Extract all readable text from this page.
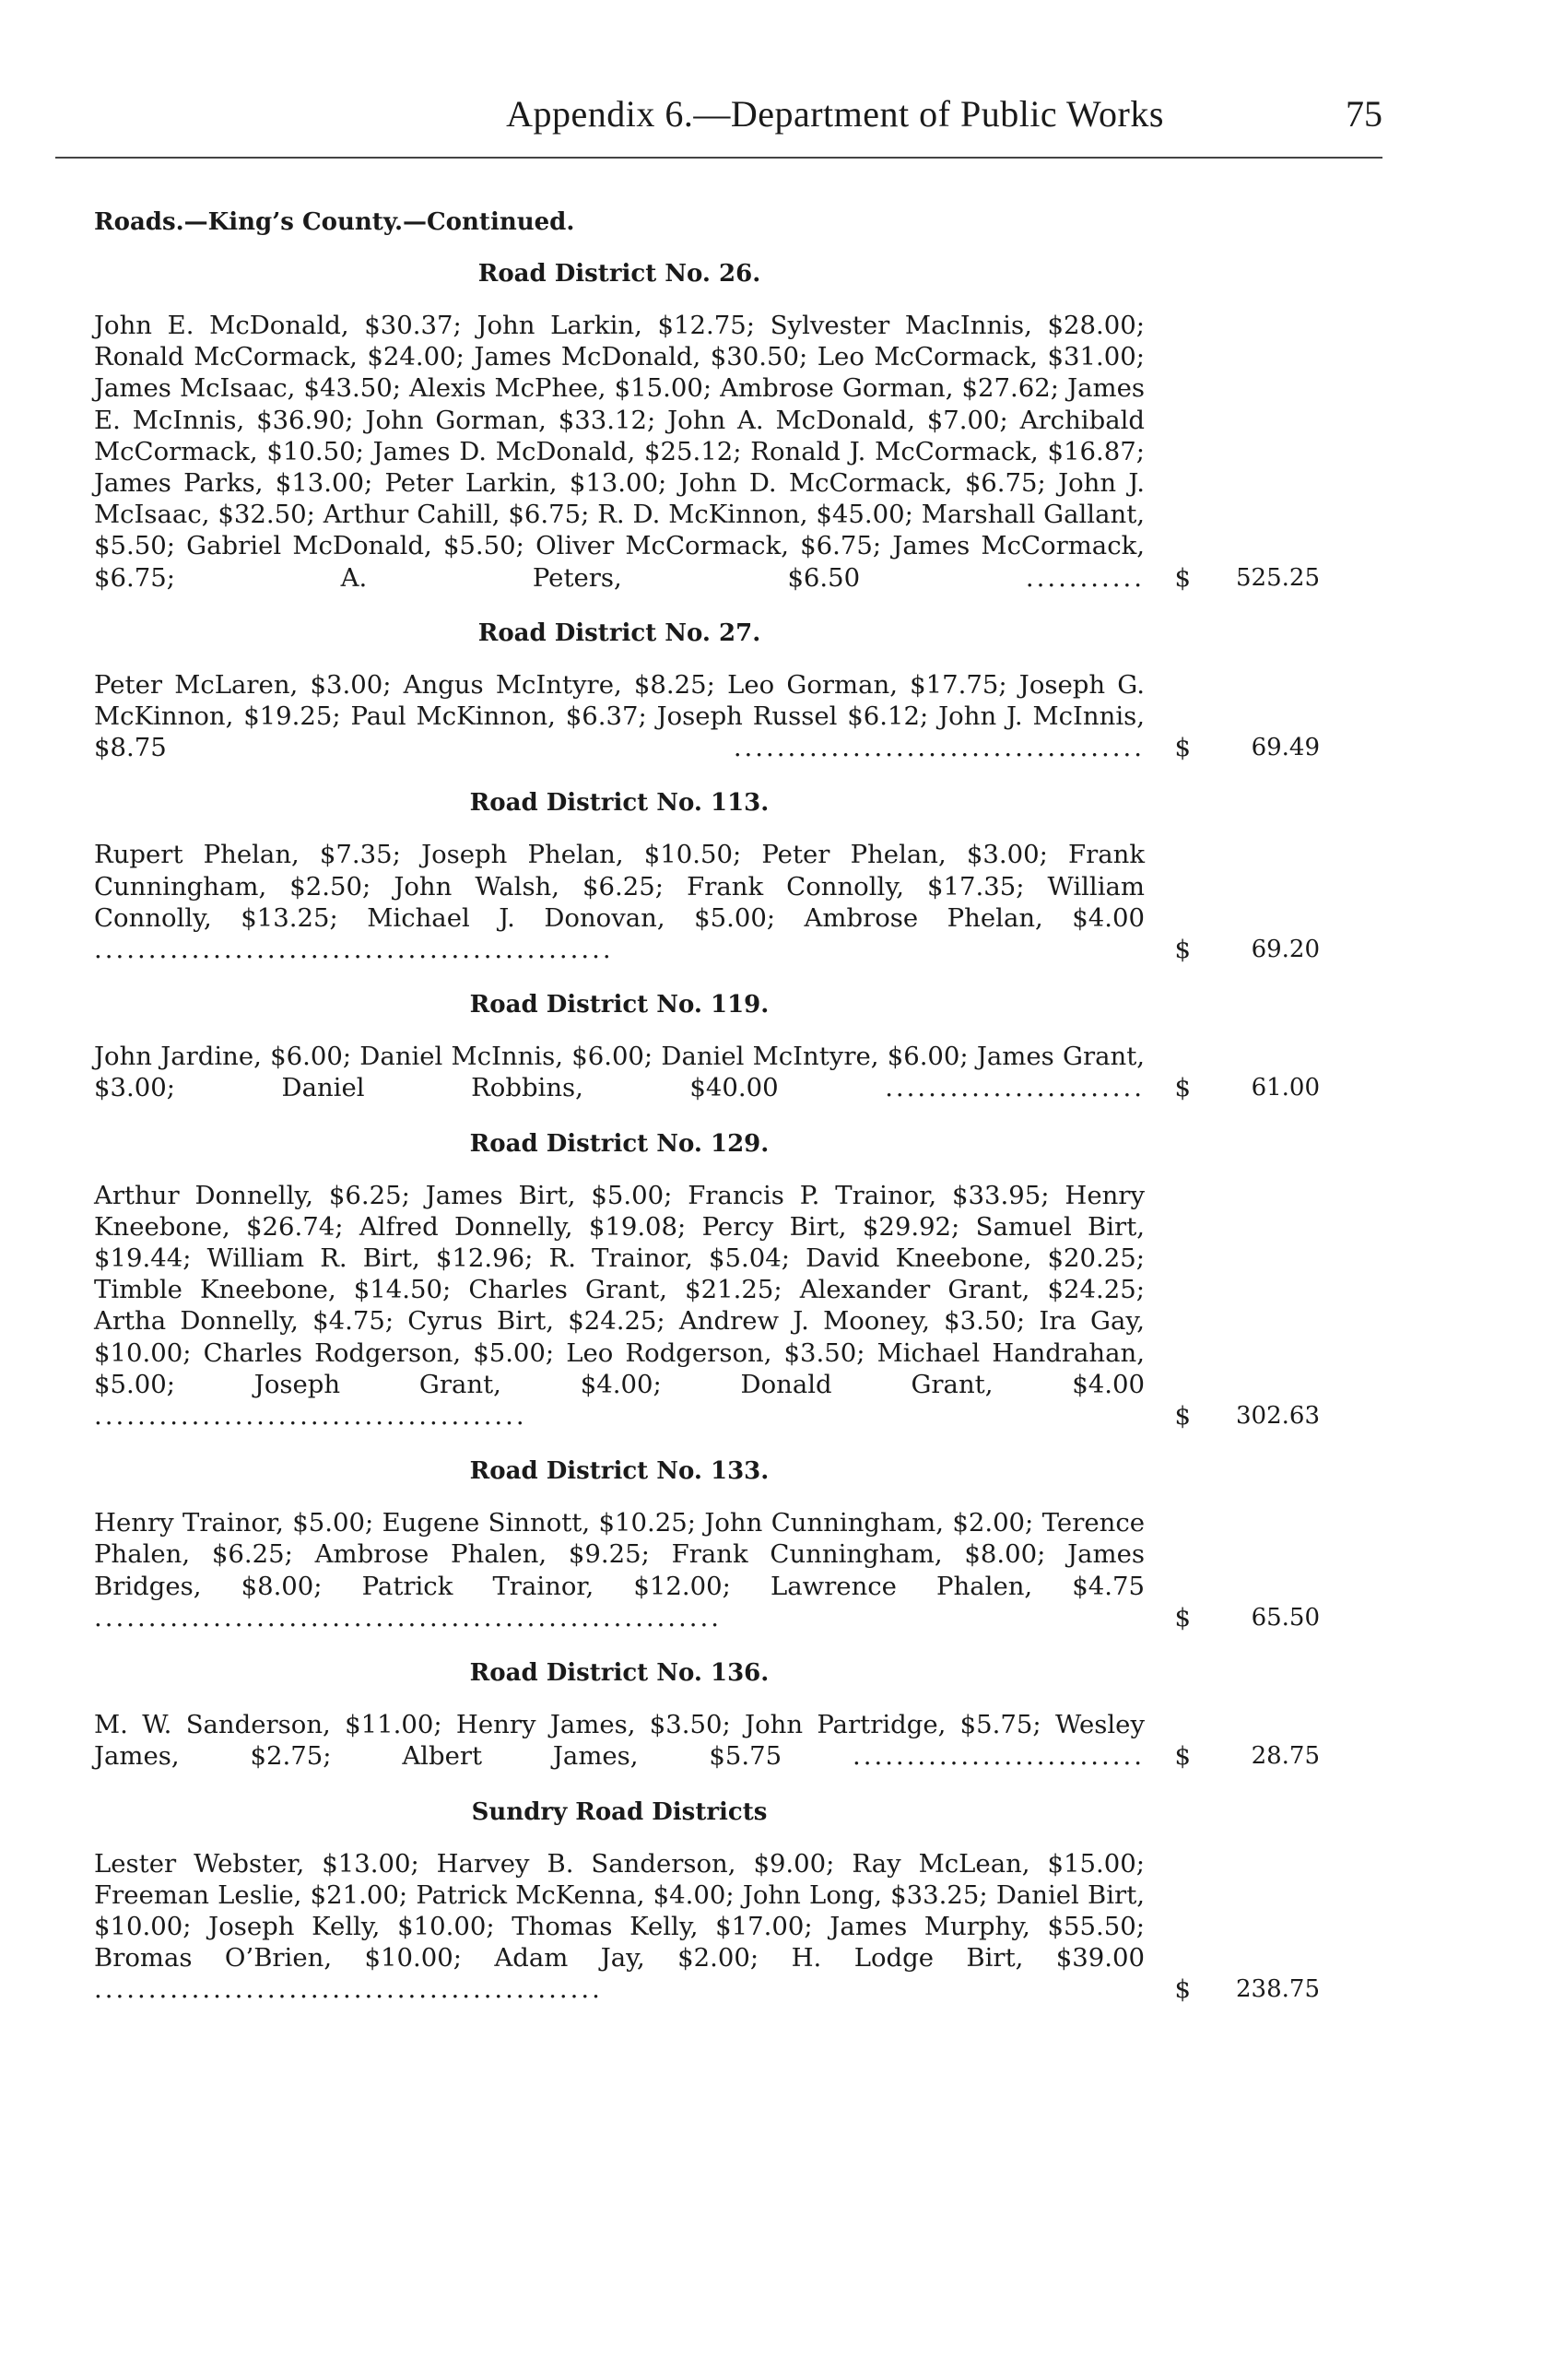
Appendix 6.—Department of Public Works	75
Roads.—King’s County.—Continued.
Road District No. 26.
John E. McDonald, $30.37; John Larkin, $12.75; Sylvester MacInnis, $28.00; Ronald McCormack, $24.00; James McDonald, $30.50; Leo McCormack, $31.00; James McIsaac, $43.50; Alexis McPhee, $15.00; Ambrose Gorman, $27.62; James E. McInnis, $36.90; John Gorman, $33.12; John A. McDonald, $7.00; Archibald McCormack, $10.50; James D. McDonald, $25.12; Ronald J. McCormack, $16.87; James Parks, $13.00; Peter Larkin, $13.00; John D. McCormack, $6.75; John J. McIsaac, $32.50; Arthur Cahill, $6.75; R. D. McKinnon, $45.00; Marshall Gallant, $5.50; Gabriel McDonald, $5.50; Oliver McCormack, $6.75; James McCormack, $6.75; A. Peters, $6.50	...........	$	525.25
Road District No. 27.
Peter McLaren, $3.00; Angus McIntyre, $8.25; Leo Gorman, $17.75; Joseph G. McKinnon, $19.25; Paul McKinnon, $6.37; Joseph Russel $6.12; John J. McInnis, $8.75	......................................	$	69.49
Road District No. 113.
Rupert Phelan, $7.35; Joseph Phelan, $10.50; Peter Phelan, $3.00; Frank Cunningham, $2.50; John Walsh, $6.25; Frank Connolly, $17.35; William Connolly, $13.25; Michael J. Donovan, $5.00; Ambrose Phelan, $4.00 ................................................	$	69.20
Road District No. 119.
John Jardine, $6.00; Daniel McInnis, $6.00; Daniel McIntyre, $6.00; James Grant, $3.00; Daniel Robbins, $40.00	........................	$	61.00
Road District No. 129.
Arthur Donnelly, $6.25; James Birt, $5.00; Francis P. Trainor, $33.95; Henry Kneebone, $26.74; Alfred Donnelly, $19.08; Percy Birt, $29.92; Samuel Birt, $19.44; William R. Birt, $12.96; R. Trainor, $5.04; David Kneebone, $20.25; Timble Kneebone, $14.50; Charles Grant, $21.25; Alexander Grant, $24.25; Artha Donnelly, $4.75; Cyrus Birt, $24.25; Andrew J. Mooney, $3.50; Ira Gay, $10.00; Charles Rodgerson, $5.00; Leo Rodgerson, $3.50; Michael Handrahan, $5.00; Joseph Grant, $4.00; Donald Grant, $4.00 ........................................	$	302.63
Road District No. 133.
Henry Trainor, $5.00; Eugene Sinnott, $10.25; John Cunningham, $2.00; Terence Phalen, $6.25; Ambrose Phalen, $9.25; Frank Cunningham, $8.00; James Bridges, $8.00; Patrick Trainor, $12.00; Lawrence Phalen, $4.75 ..........................................................	$	65.50
Road District No. 136.
M. W. Sanderson, $11.00; Henry James, $3.50; John Partridge, $5.75; Wesley James, $2.75; Albert James, $5.75	...........................	$	28.75
Sundry Road Districts
Lester Webster, $13.00; Harvey B. Sanderson, $9.00; Ray McLean, $15.00; Freeman Leslie, $21.00; Patrick McKenna, $4.00; John Long, $33.25; Daniel Birt, $10.00; Joseph Kelly, $10.00; Thomas Kelly, $17.00; James Murphy, $55.50; Bromas O’Brien, $10.00; Adam Jay, $2.00; H. Lodge Birt, $39.00 ...............................................	$	238.75
